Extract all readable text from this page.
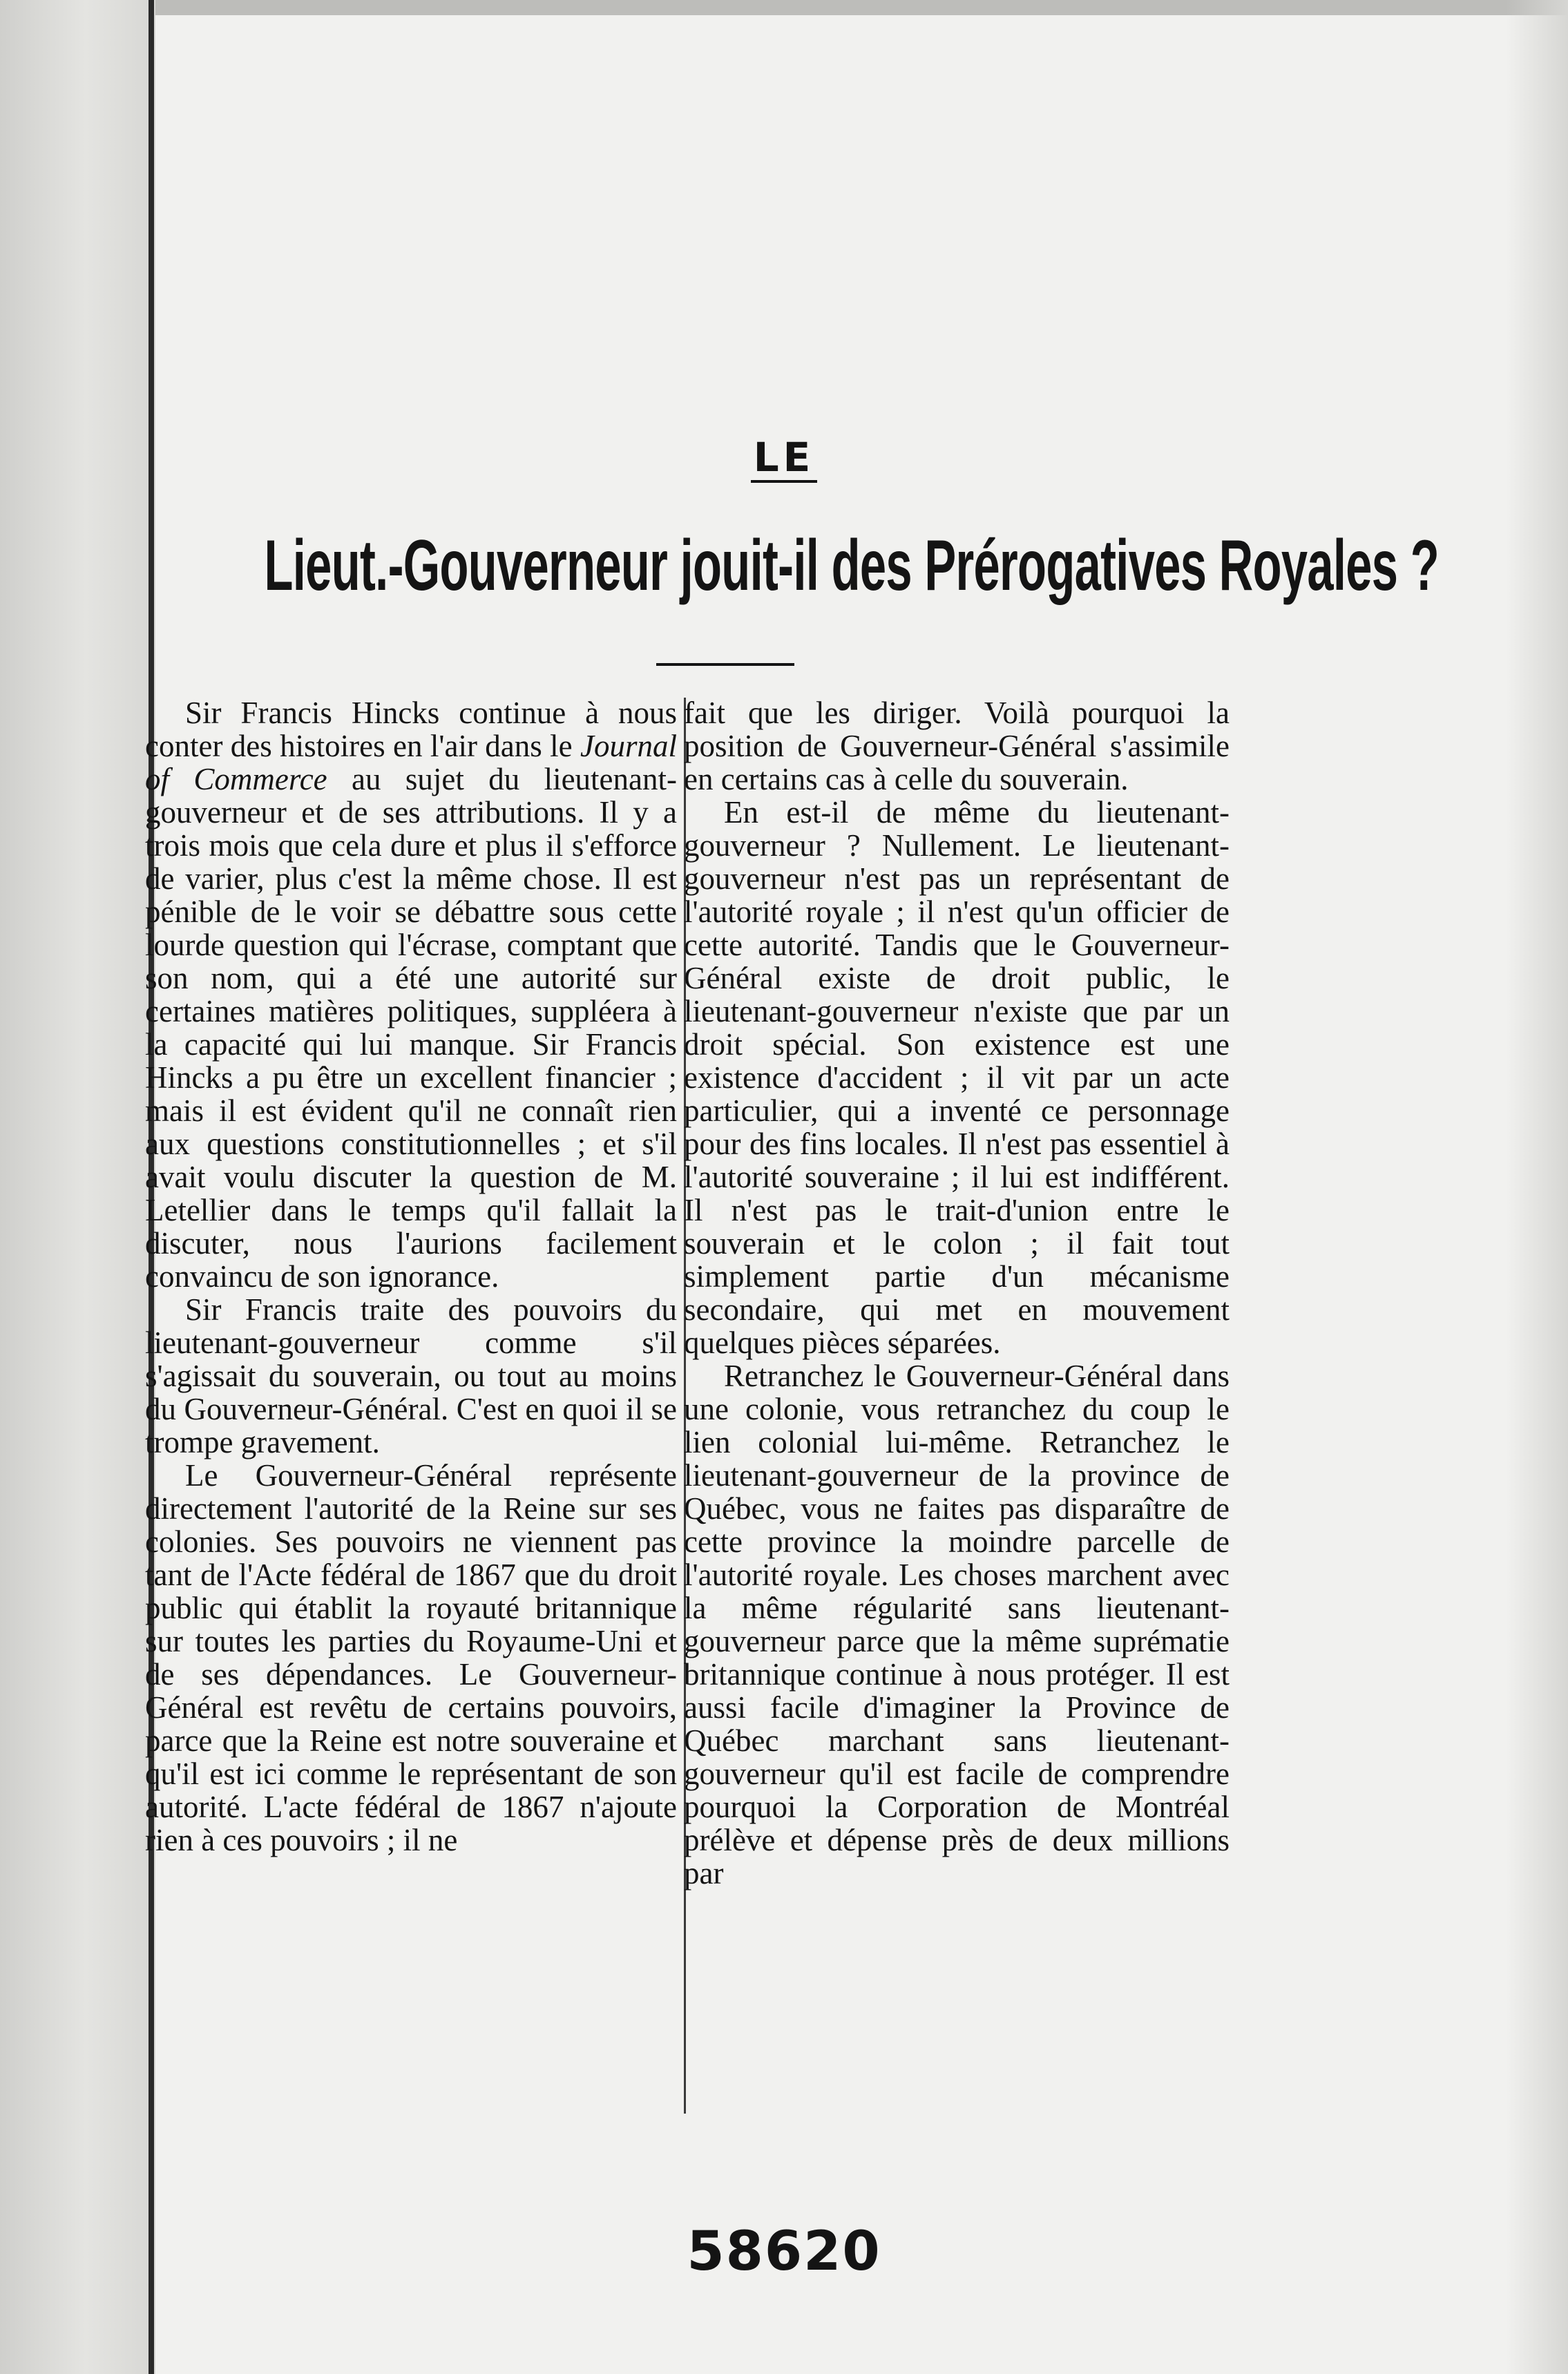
LE
Lieut.-Gouverneur jouit-il des Prérogatives Royales ?

Sir Francis Hincks continue à nous conter des histoires en l'air dans le Journal of Commerce au sujet du lieutenant-gouverneur et de ses attributions. Il y a trois mois que cela dure et plus il s'efforce de varier, plus c'est la même chose. Il est pénible de le voir se débattre sous cette lourde question qui l'écrase, comptant que son nom, qui a été une autorité sur certaines matières politiques, suppléera à la capacité qui lui manque. Sir Francis Hincks a pu être un excellent financier ; mais il est évident qu'il ne connaît rien aux questions constitutionnelles ; et s'il avait voulu discuter la question de M. Letellier dans le temps qu'il fallait la discuter, nous l'aurions facilement convaincu de son ignorance.

Sir Francis traite des pouvoirs du lieutenant-gouverneur comme s'il s'agissait du souverain, ou tout au moins du Gouverneur-Général. C'est en quoi il se trompe gravement.

Le Gouverneur-Général représente directement l'autorité de la Reine sur ses colonies. Ses pouvoirs ne viennent pas tant de l'Acte fédéral de 1867 que du droit public qui établit la royauté britannique sur toutes les parties du Royaume-Uni et de ses dépendances. Le Gouverneur-Général est revêtu de certains pouvoirs, parce que la Reine est notre souveraine et qu'il est ici comme le représentant de son autorité. L'acte fédéral de 1867 n'ajoute rien à ces pouvoirs ; il ne

fait que les diriger. Voilà pourquoi la position de Gouverneur-Général s'assimile en certains cas à celle du souverain.

En est-il de même du lieutenant-gouverneur ? Nullement. Le lieutenant-gouverneur n'est pas un représentant de l'autorité royale ; il n'est qu'un officier de cette autorité. Tandis que le Gouverneur-Général existe de droit public, le lieutenant-gouverneur n'existe que par un droit spécial. Son existence est une existence d'accident ; il vit par un acte particulier, qui a inventé ce personnage pour des fins locales. Il n'est pas essentiel à l'autorité souveraine ; il lui est indifférent. Il n'est pas le trait-d'union entre le souverain et le colon ; il fait tout simplement partie d'un mécanisme secondaire, qui met en mouvement quelques pièces séparées.

Retranchez le Gouverneur-Général dans une colonie, vous retranchez du coup le lien colonial lui-même. Retranchez le lieutenant-gouverneur de la province de Québec, vous ne faites pas disparaître de cette province la moindre parcelle de l'autorité royale. Les choses marchent avec la même régularité sans lieutenant-gouverneur parce que la même suprématie britannique continue à nous protéger. Il est aussi facile d'imaginer la Province de Québec marchant sans lieutenant-gouverneur qu'il est facile de comprendre pourquoi la Corporation de Montréal prélève et dépense près de deux millions par

58620
